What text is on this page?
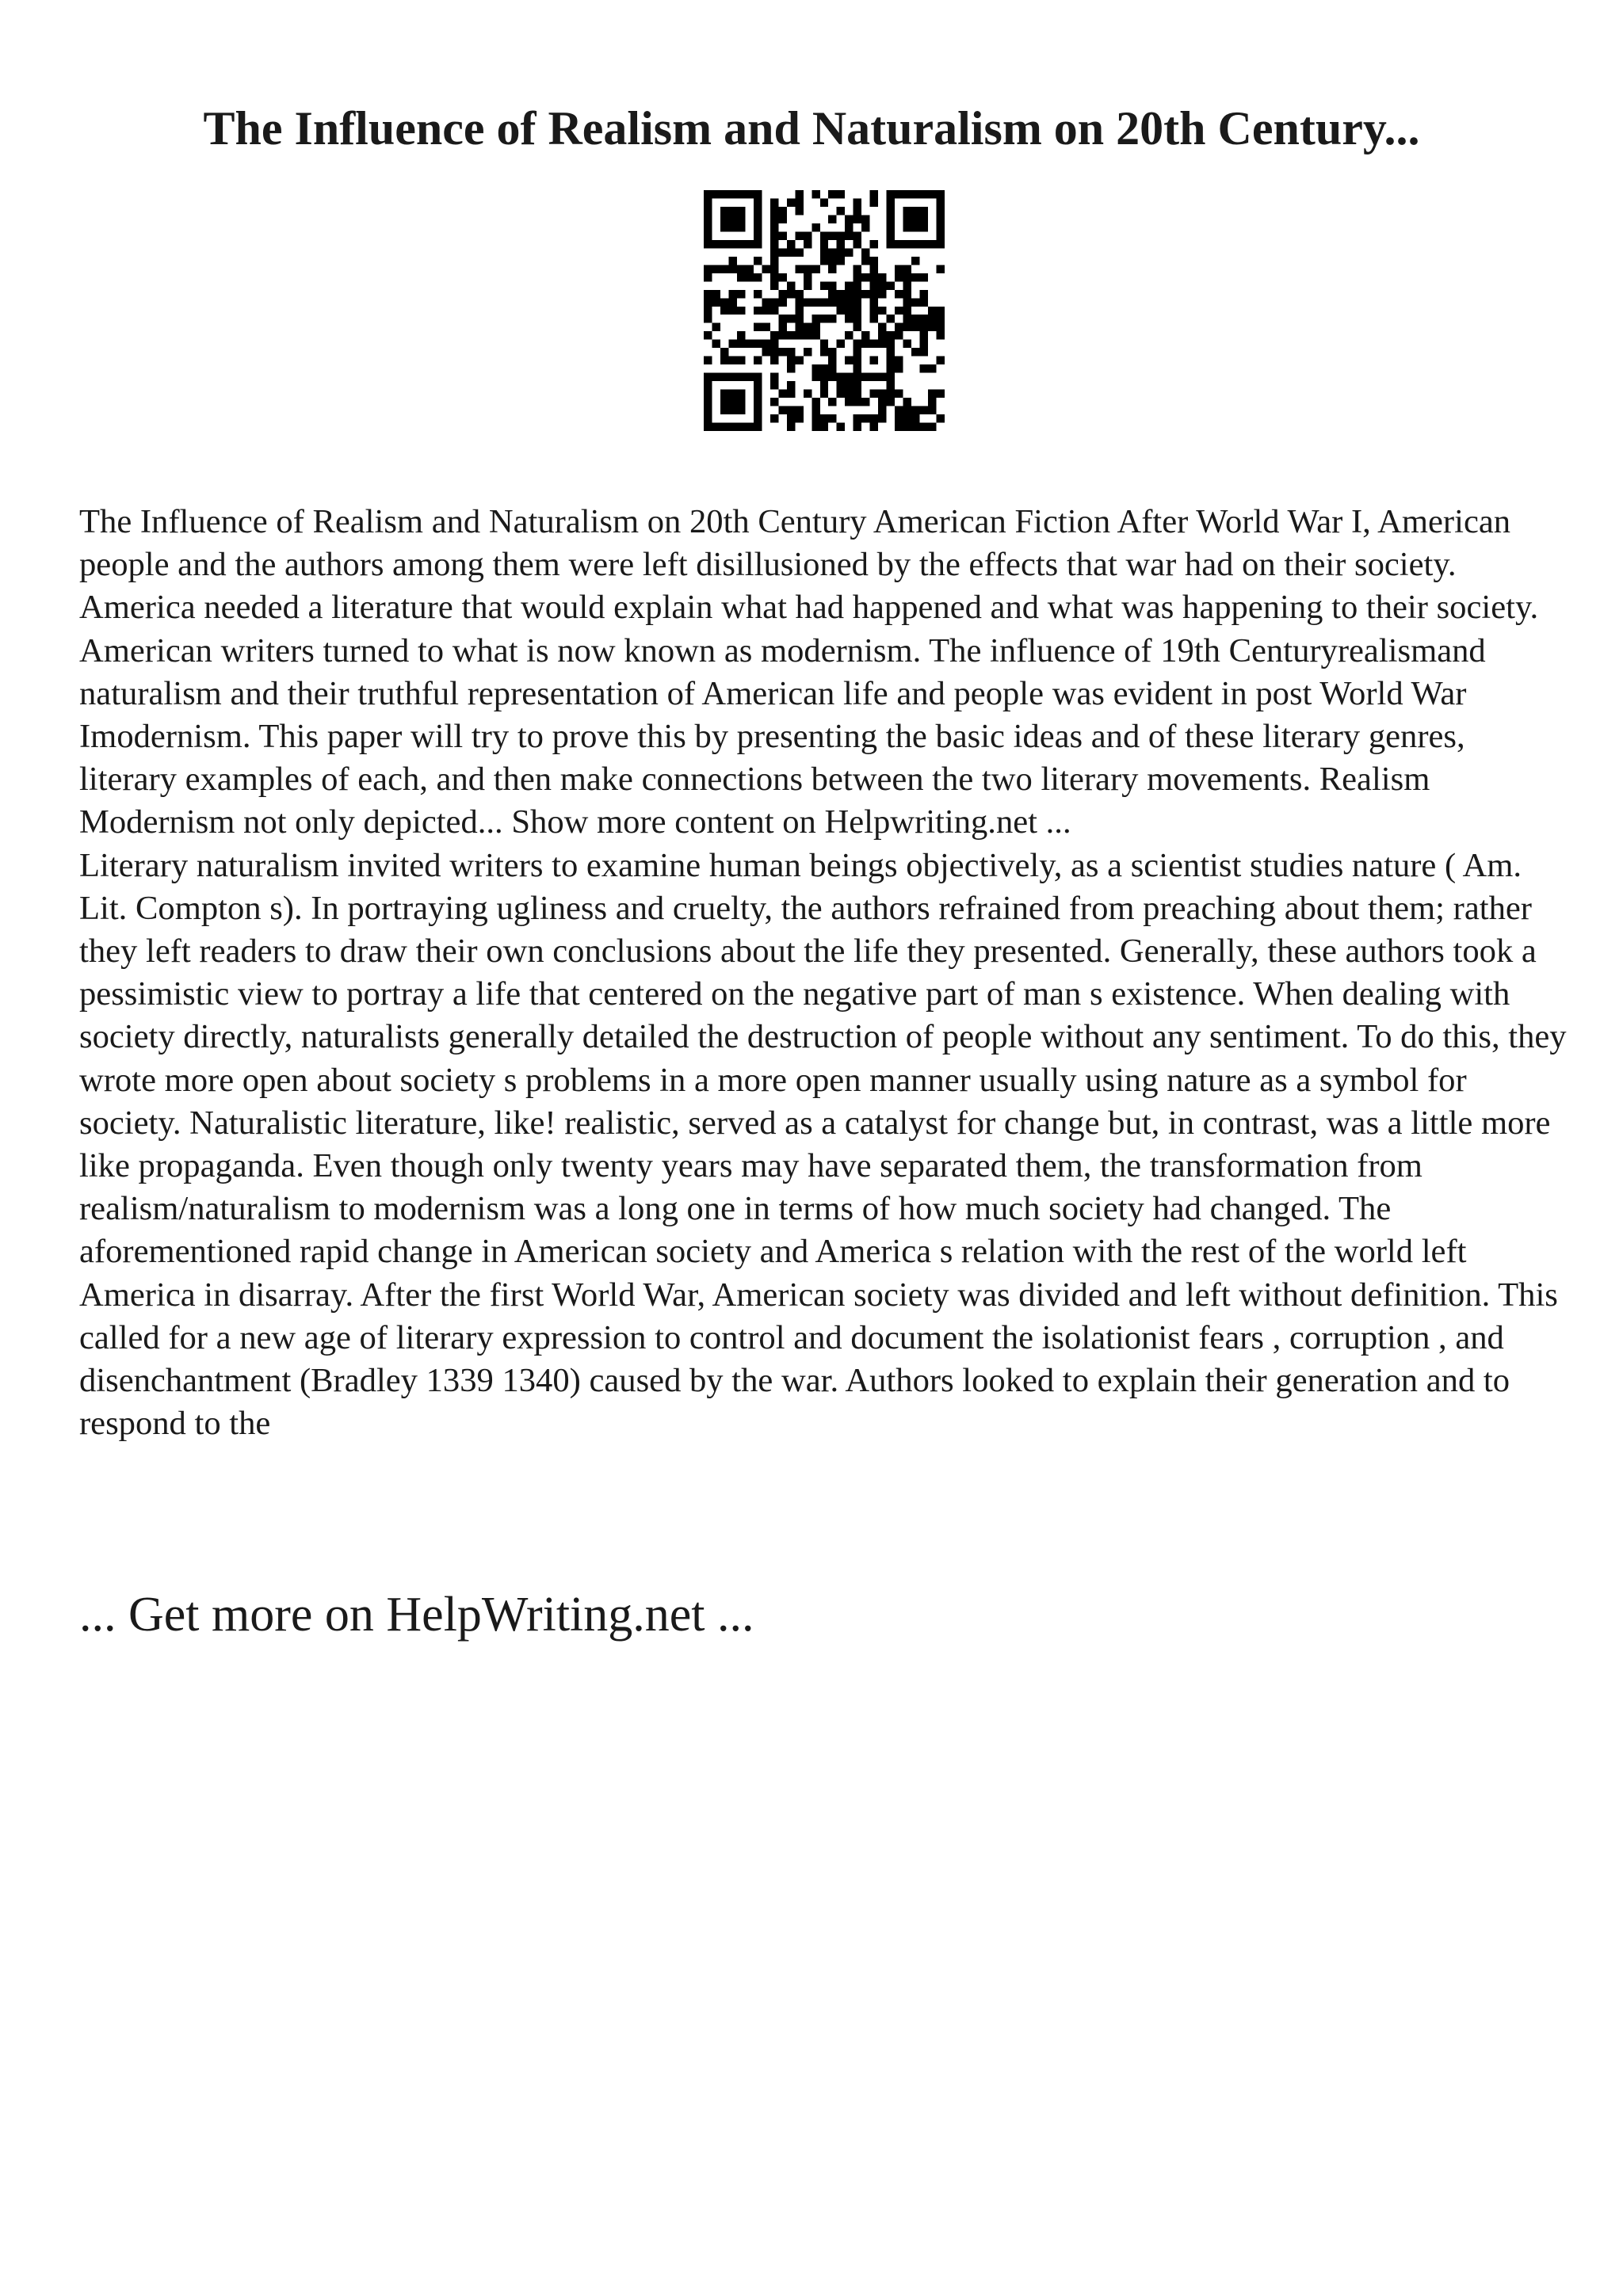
The Influence of Realism and Naturalism on 20th Century...

The Influence of Realism and Naturalism on 20th Century American Fiction After World War I, American people and the authors among them were left disillusioned by the effects that war had on their society. America needed a literature that would explain what had happened and what was happening to their society. American writers turned to what is now known as modernism. The influence of 19th Centuryrealismand naturalism and their truthful representation of American life and people was evident in post World War Imodernism. This paper will try to prove this by presenting the basic ideas and of these literary genres, literary examples of each, and then make connections between the two literary movements. Realism Modernism not only depicted... Show more content on Helpwriting.net ...

Literary naturalism invited writers to examine human beings objectively, as a scientist studies nature ( Am. Lit. Compton s). In portraying ugliness and cruelty, the authors refrained from preaching about them; rather they left readers to draw their own conclusions about the life they presented. Generally, these authors took a pessimistic view to portray a life that centered on the negative part of man s existence. When dealing with society directly, naturalists generally detailed the destruction of people without any sentiment. To do this, they wrote more open about society s problems in a more open manner usually using nature as a symbol for society. Naturalistic literature, like! realistic, served as a catalyst for change but, in contrast, was a little more like propaganda. Even though only twenty years may have separated them, the transformation from realism/naturalism to modernism was a long one in terms of how much society had changed. The aforementioned rapid change in American society and America s relation with the rest of the world left America in disarray. After the first World War, American society was divided and left without definition. This called for a new age of literary expression to control and document the isolationist fears , corruption , and disenchantment (Bradley 1339 1340) caused by the war. Authors looked to explain their generation and to respond to the

... Get more on HelpWriting.net ...
